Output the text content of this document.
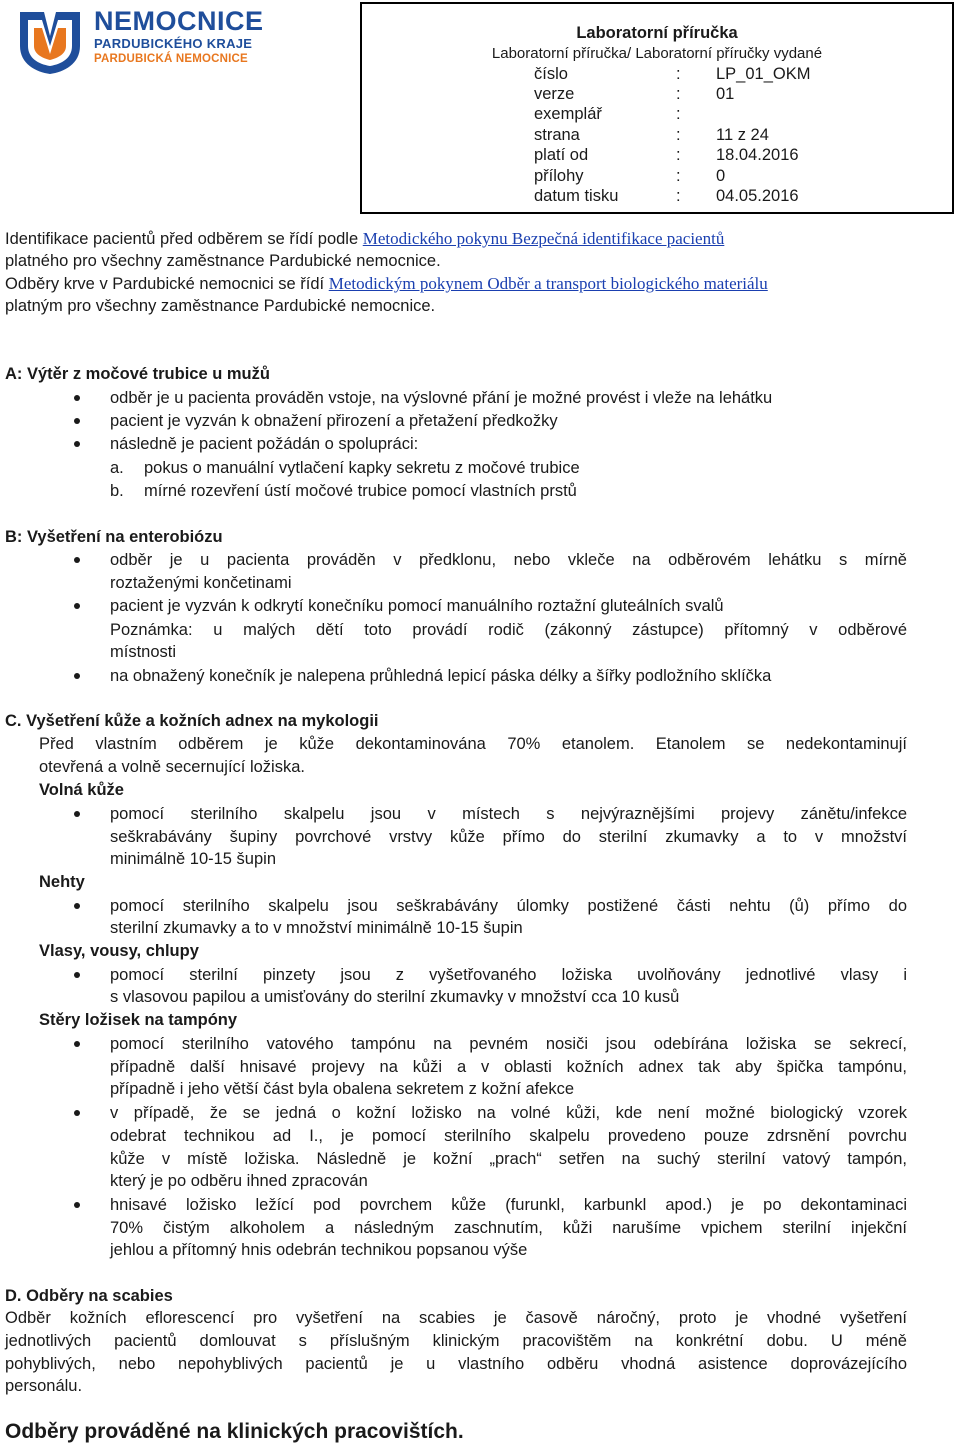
NEMOCNICE
PARDUBICKÉHO KRAJE
PARDUBICKÁ NEMOCNICE
Laboratorní příručka
Laboratorní příručka/ Laboratorní příručky vydané
číslo	: LP_01_OKM
verze	: 01
exemplář	:
strana	: 11 z 24
platí od	: 18.04.2016
přílohy	: 0
datum tisku	: 04.05.2016
Identifikace pacientů před odběrem se řídí podle Metodického pokynu Bezpečná identifikace pacientů
platného pro všechny zaměstnance Pardubické nemocnice.
Odběry krve v Pardubické nemocnici se řídí Metodickým pokynem Odběr a transport biologického materiálu
platným pro všechny zaměstnance Pardubické nemocnice.
A: Výtěr z močové trubice u mužů
odběr je u pacienta prováděn vstoje, na výslovné přání je možné provést i vleže na lehátku
pacient je vyzván k obnažení přirození a přetažení předkožky
následně je pacient požádán o spolupráci:
a. pokus o manuální vytlačení kapky sekretu z močové trubice
b. mírné rozevření ústí močové trubice pomocí vlastních prstů
B: Vyšetření na enterobiózu
odběr je u pacienta prováděn v předklonu, nebo vkleče na odběrovém lehátku s mírně
roztaženými končetinami
pacient je vyzván k odkrytí konečníku pomocí manuálního roztažní gluteálních svalů
Poznámka: u malých dětí toto provádí rodič (zákonný zástupce) přítomný v odběrové
místnosti
na obnažený konečník je nalepena průhledná lepicí páska délky a šířky podložního sklíčka
C. Vyšetření kůže a kožních adnex na mykologii
Před vlastním odběrem je kůže dekontaminována 70% etanolem. Etanolem se nedekontaminují
otevřená a volně secernující ložiska.
Volná kůže
pomocí sterilního skalpelu jsou v místech s nejvýraznějšími projevy zánětu/infekce
seškrabávány šupiny povrchové vrstvy kůže přímo do sterilní zkumavky a to v množství
minimálně 10-15 šupin
Nehty
pomocí sterilního skalpelu jsou seškrabávány úlomky postižené části nehtu (ů) přímo do
sterilní zkumavky a to v množství minimálně 10-15 šupin
Vlasy, vousy, chlupy
pomocí sterilní pinzety jsou z vyšetřovaného ložiska uvolňovány jednotlivé vlasy i
s vlasovou papilou a umisťovány do sterilní zkumavky v množství cca 10 kusů
Stěry ložisek na tampóny
pomocí sterilního vatového tampónu na pevném nosiči jsou odebírána ložiska se sekrecí,
případně další hnisavé projevy na kůži a v oblasti kožních adnex tak aby špička tampónu,
případně i jeho větší část byla obalena sekretem z kožní afekce
v případě, že se jedná o kožní ložisko na volné kůži, kde není možné biologický vzorek
odebrat technikou ad I., je pomocí sterilního skalpelu provedeno pouze zdrsnění povrchu
kůže v místě ložiska. Následně je kožní „prach“ setřen na suchý sterilní vatový tampón,
který je po odběru ihned zpracován
hnisavé ložisko ležící pod povrchem kůže (furunkl, karbunkl apod.) je po dekontaminaci
70% čistým alkoholem a následným zaschnutím, kůži narušíme vpichem sterilní injekční
jehlou a přítomný hnis odebrán technikou popsanou výše
D. Odběry na scabies
Odběr kožních eflorescencí pro vyšetření na scabies je časově náročný, proto je vhodné vyšetření
jednotlivých pacientů domlouvat s příslušným klinickým pracovištěm na konkrétní dobu. U méně
pohyblivých, nebo nepohyblivých pacientů je u vlastního odběru vhodná asistence doprovázejícího
personálu.
Odběry prováděné na klinických pracovištích.
